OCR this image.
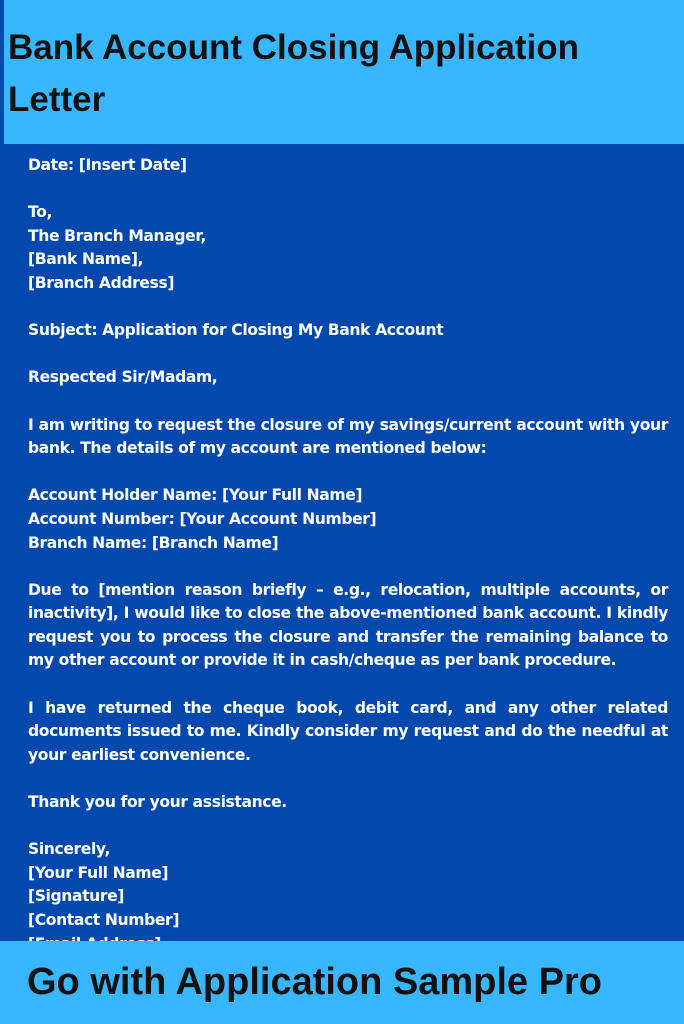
Bank Account Closing Application
Letter
Date: [Insert Date]
To,
The Branch Manager,
[Bank Name],
[Branch Address]
Subject: Application for Closing My Bank Account
Respected Sir/Madam,

I am writing to request the closure of my savings/current account with your bank. The details of my account are mentioned below:

Account Holder Name: [Your Full Name]
Account Number: [Your Account Number]
Branch Name: [Branch Name]

Due to [mention reason briefly – e.g., relocation, multiple accounts, or inactivity], I would like to close the above-mentioned bank account. I kindly request you to process the closure and transfer the remaining balance to my other account or provide it in cash/cheque as per bank procedure.

I have returned the cheque book, debit card, and any other related documents issued to me. Kindly consider my request and do the needful at your earliest convenience.

Thank you for your assistance.
Sincerely,
[Your Full Name]
[Signature]
[Contact Number]
Go with Application Sample Pro
